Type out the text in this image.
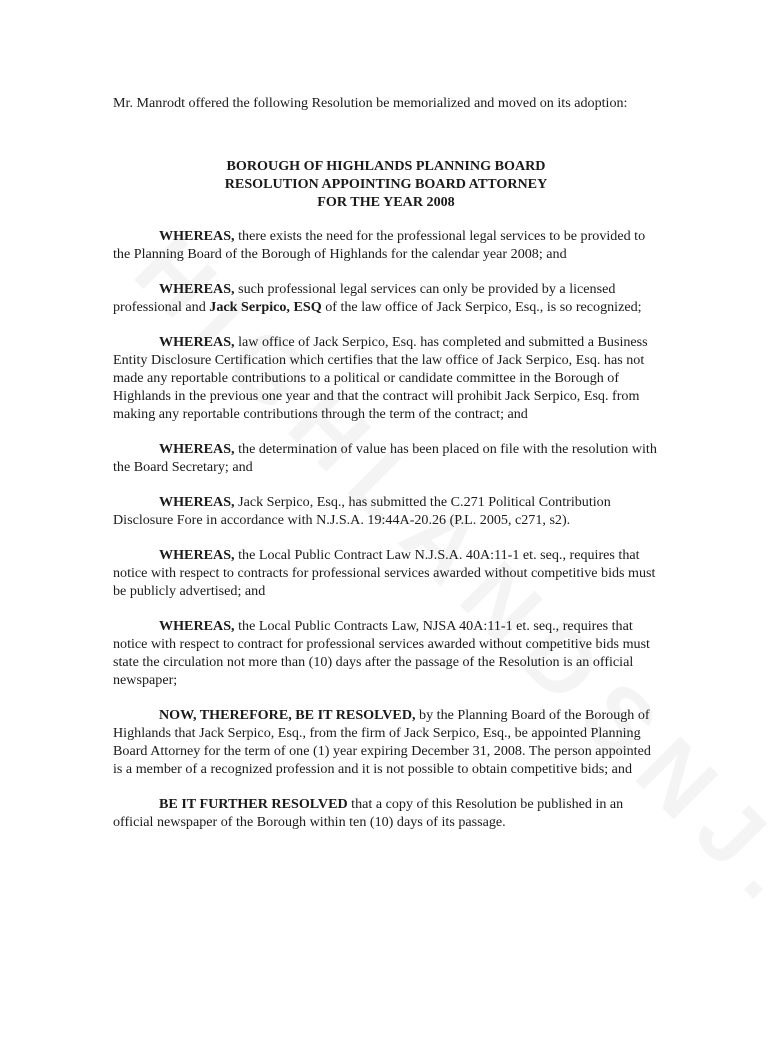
Mr. Manrodt offered the following Resolution be memorialized and moved on its adoption:

BOROUGH OF HIGHLANDS PLANNING BOARD
RESOLUTION APPOINTING BOARD ATTORNEY
FOR THE YEAR 2008

WHEREAS, there exists the need for the professional legal services to be provided to the Planning Board of the Borough of Highlands for the calendar year 2008; and

WHEREAS, such professional legal services can only be provided by a licensed professional and Jack Serpico, ESQ of the law office of Jack Serpico, Esq., is so recognized;

WHEREAS, law office of Jack Serpico, Esq. has completed and submitted a Business Entity Disclosure Certification which certifies that the law office of Jack Serpico, Esq. has not made any reportable contributions to a political or candidate committee in the Borough of Highlands in the previous one year and that the contract will prohibit Jack Serpico, Esq. from making any reportable contributions through the term of the contract; and

WHEREAS, the determination of value has been placed on file with the resolution with the Board Secretary; and

WHEREAS, Jack Serpico, Esq., has submitted the C.271 Political Contribution Disclosure Fore in accordance with N.J.S.A. 19:44A-20.26 (P.L. 2005, c271, s2).

WHEREAS, the Local Public Contract Law N.J.S.A. 40A:11-1 et. seq., requires that notice with respect to contracts for professional services awarded without competitive bids must be publicly advertised; and

WHEREAS, the Local Public Contracts Law, NJSA 40A:11-1 et. seq., requires that notice with respect to contract for professional services awarded without competitive bids must state the circulation not more than (10) days after the passage of the Resolution is an official newspaper;

NOW, THEREFORE, BE IT RESOLVED, by the Planning Board of the Borough of Highlands that Jack Serpico, Esq., from the firm of Jack Serpico, Esq., be appointed Planning Board Attorney for the term of one (1) year expiring December 31, 2008. The person appointed is a member of a recognized profession and it is not possible to obtain competitive bids; and

BE IT FURTHER RESOLVED that a copy of this Resolution be published in an official newspaper of the Borough within ten (10) days of its passage.
